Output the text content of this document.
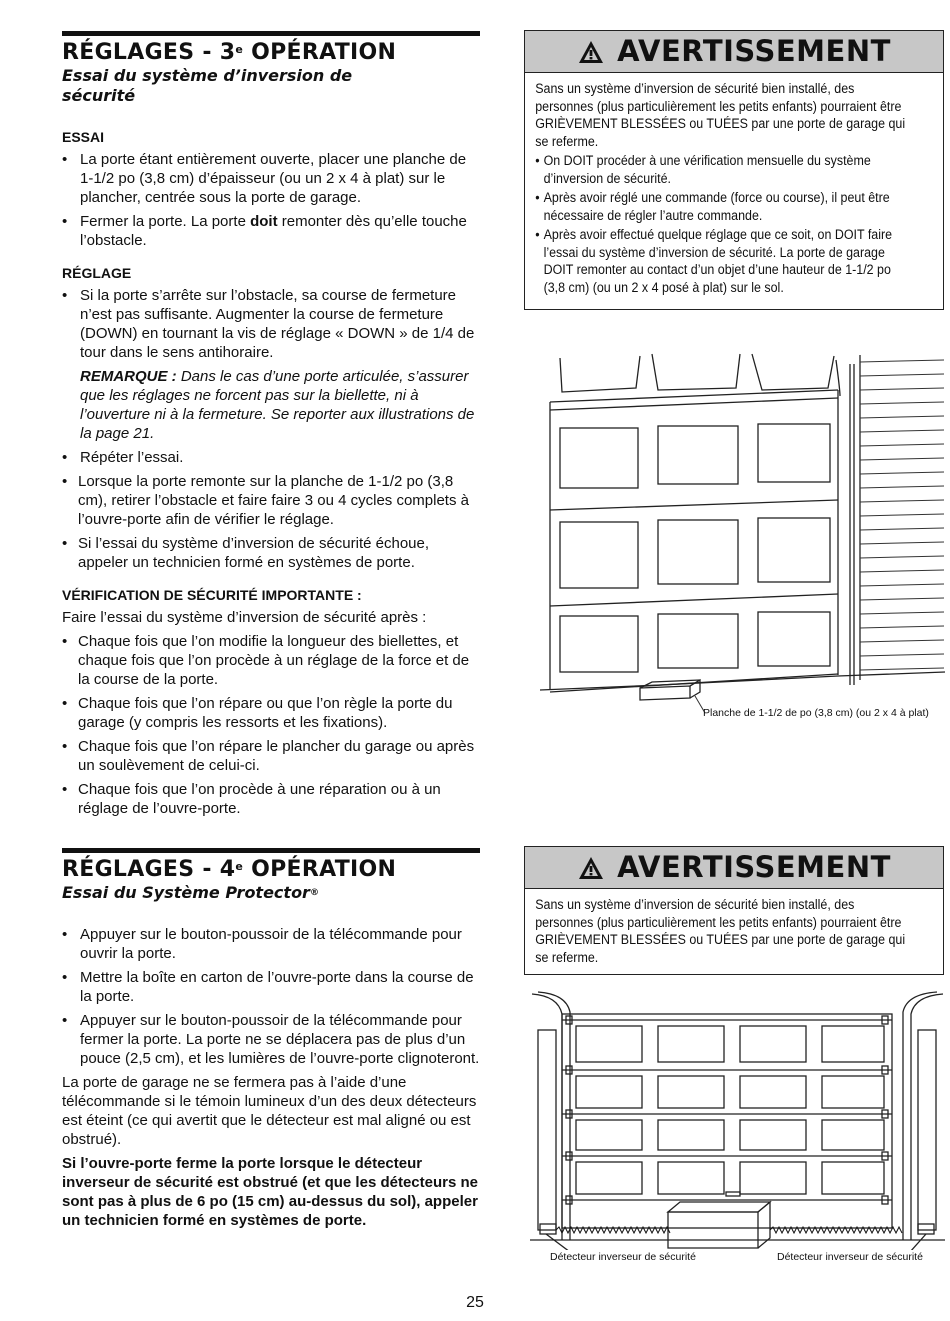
RÉGLAGES - 3e OPÉRATION
Essai du système d’inversion de sécurité
ESSAI
• La porte étant entièrement ouverte, placer une planche de 1-1/2 po (3,8 cm) d’épaisseur (ou un 2 x 4 à plat) sur le plancher, centrée sous la porte de garage.
• Fermer la porte. La porte doit remonter dès qu’elle touche l’obstacle.
RÉGLAGE
• Si la porte s’arrête sur l’obstacle, sa course de fermeture n’est pas suffisante. Augmenter la course de fermeture (DOWN) en tournant la vis de réglage « DOWN » de 1/4 de tour dans le sens antihoraire.
REMARQUE : Dans le cas d’une porte articulée, s’assurer que les réglages ne forcent pas sur la biellette, ni à l’ouverture ni à la fermeture. Se reporter aux illustrations de la page 21.
• Répéter l’essai.
• Lorsque la porte remonte sur la planche de 1-1/2 po (3,8 cm), retirer l’obstacle et faire faire 3 ou 4 cycles complets à l’ouvre-porte afin de vérifier le réglage.
• Si l’essai du système d’inversion de sécurité échoue, appeler un technicien formé en systèmes de porte.
VÉRIFICATION DE SÉCURITÉ IMPORTANTE :

Faire l’essai du système d’inversion de sécurité après :

• Chaque fois que l’on modifie la longueur des biellettes, et chaque fois que l’on procède à un réglage de la force et de la course de la porte.
• Chaque fois que l’on répare ou que l’on règle la porte du garage (y compris les ressorts et les fixations).
• Chaque fois que l’on répare le plancher du garage ou après un soulèvement de celui-ci.
• Chaque fois que l’on procède à une réparation ou à un réglage de l’ouvre-porte.
RÉGLAGES - 4e OPÉRATION
Essai du Système Protector®
• Appuyer sur le bouton-poussoir de la télécommande pour ouvrir la porte.
• Mettre la boîte en carton de l’ouvre-porte dans la course de la porte.
• Appuyer sur le bouton-poussoir de la télécommande pour fermer la porte. La porte ne se déplacera pas de plus d’un pouce (2,5 cm), et les lumières de l’ouvre-porte clignoteront.

La porte de garage ne se fermera pas à l’aide d’une télécommande si le témoin lumineux d’un des deux détecteurs est éteint (ce qui avertit que le détecteur est mal aligné ou est obstrué).

Si l’ouvre-porte ferme la porte lorsque le détecteur inverseur de sécurité est obstrué (et que les détecteurs ne sont pas à plus de 6 po (15 cm) au-dessus du sol), appeler un technicien formé en systèmes de porte.

AVERTISSEMENT
Sans un système d’inversion de sécurité bien installé, des personnes (plus particulièrement les petits enfants) pourraient être GRIÈVEMENT BLESSÉES ou TUÉES par une porte de garage qui se referme.
• On DOIT procéder à une vérification mensuelle du système d’inversion de sécurité.
• Après avoir réglé une commande (force ou course), il peut être nécessaire de régler l’autre commande.
• Après avoir effectué quelque réglage que ce soit, on DOIT faire l’essai du système d’inversion de sécurité. La porte de garage DOIT remonter au contact d’un objet d’une hauteur de 1-1/2 po (3,8 cm) (ou un 2 x 4 posé à plat) sur le sol.
Planche de 1-1/2 de po (3,8 cm) (ou 2 x 4 à plat)
AVERTISSEMENT
Sans un système d’inversion de sécurité bien installé, des personnes (plus particulièrement les petits enfants) pourraient être GRIÈVEMENT BLESSÉES ou TUÉES par une porte de garage qui se referme.
Détecteur inverseur de sécurité	Détecteur inverseur de sécurité
25
